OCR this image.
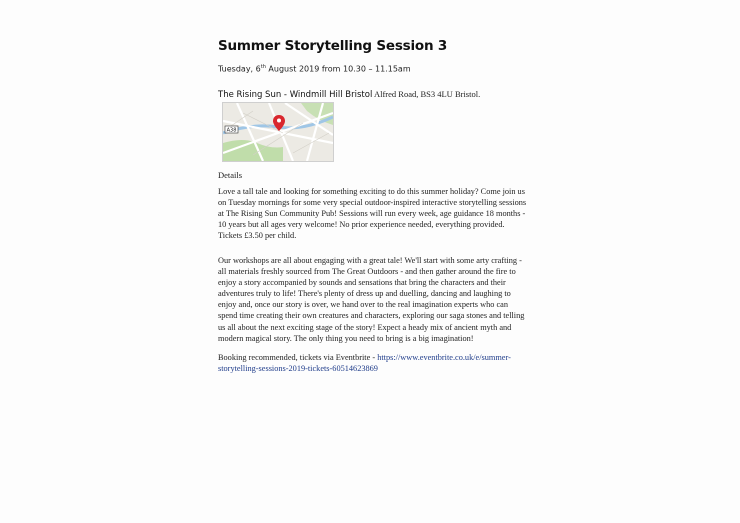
Summer Storytelling Session 3
Tuesday, 6th August 2019 from 10.30 – 11.15am
The Rising Sun - Windmill Hill Bristol Alfred Road, BS3 4LU Bristol.
A38
Details
Love a tall tale and looking for something exciting to do this summer holiday? Come join us
on Tuesday mornings for some very special outdoor-inspired interactive storytelling sessions
at The Rising Sun Community Pub! Sessions will run every week, age guidance 18 months -
10 years but all ages very welcome! No prior experience needed, everything provided.
Tickets £3.50 per child.
Our workshops are all about engaging with a great tale! We'll start with some arty crafting -
all materials freshly sourced from The Great Outdoors - and then gather around the fire to
enjoy a story accompanied by sounds and sensations that bring the characters and their
adventures truly to life! There's plenty of dress up and duelling, dancing and laughing to
enjoy and, once our story is over, we hand over to the real imagination experts who can
spend time creating their own creatures and characters, exploring our saga stones and telling
us all about the next exciting stage of the story! Expect a heady mix of ancient myth and
modern magical story. The only thing you need to bring is a big imagination!
Booking recommended, tickets via Eventbrite - https://www.eventbrite.co.uk/e/summer-
storytelling-sessions-2019-tickets-60514623869
